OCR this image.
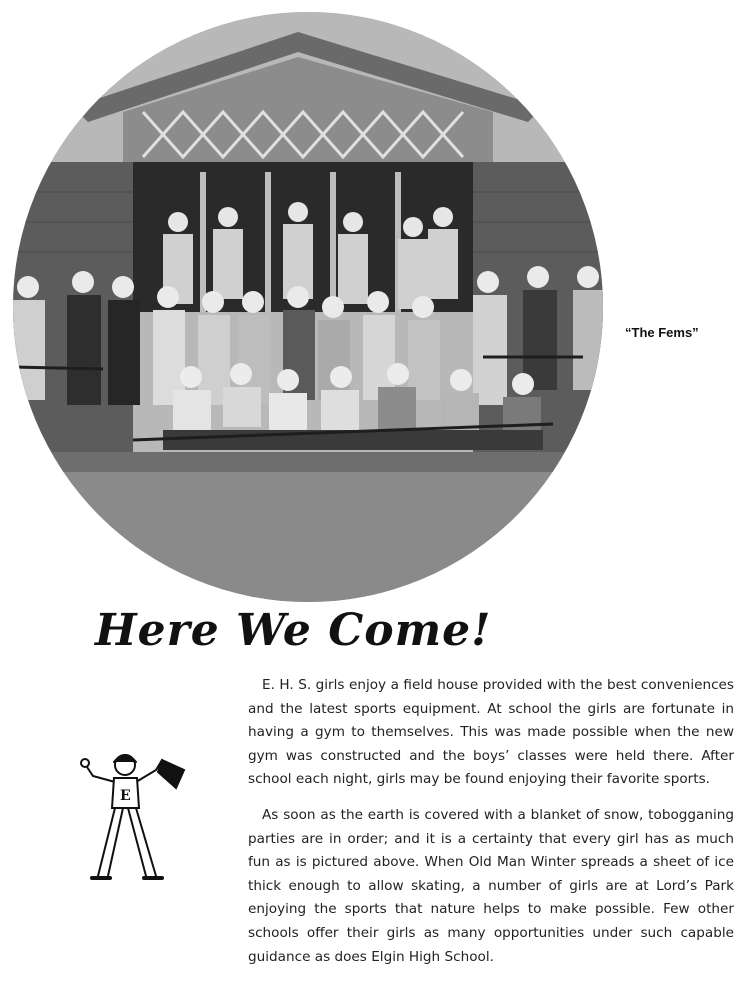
“The Fems”
Here We Come!

E. H. S. girls enjoy a field house provided with the best conveniences and the latest sports equipment. At school the girls are fortunate in having a gym to themselves. This was made possible when the new gym was constructed and the boys’ classes were held there. After school each night, girls may be found enjoying their favorite sports.

As soon as the earth is covered with a blanket of snow, tobogganing parties are in order; and it is a certainty that every girl has as much fun as is pictured above. When Old Man Winter spreads a sheet of ice thick enough to allow skating, a number of girls are at Lord’s Park enjoying the sports that nature helps to make possible. Few other schools offer their girls as many opportunities under such capable guidance as does Elgin High School.

E
